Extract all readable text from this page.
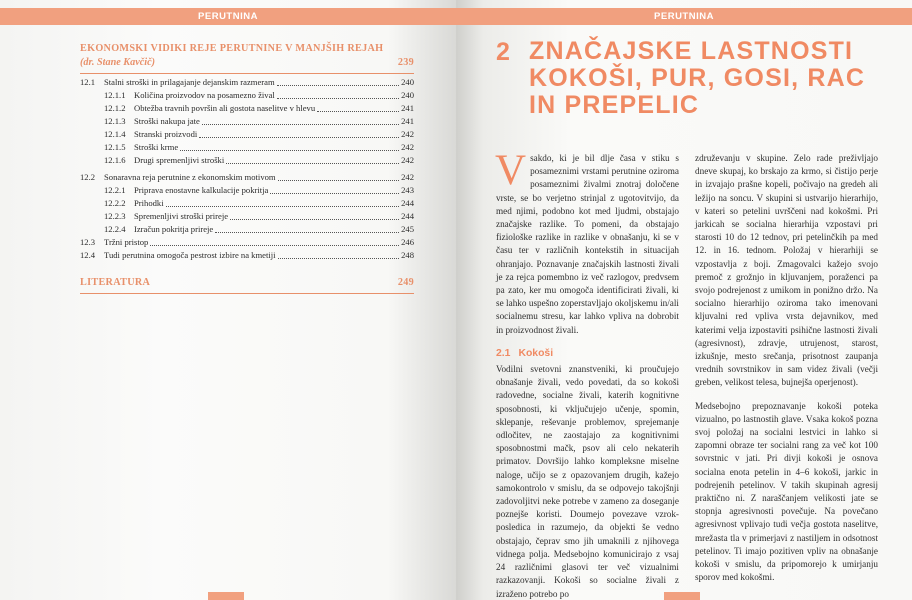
PERUTNINA
EKONOMSKI VIDIKI REJE PERUTNINE V MANJŠIH REJAH (dr. Stane Kavčič)	239
12.1	Stalni stroški in prilagajanje dejanskim razmeram	240
12.1.1 Količina proizvodov na posamezno žival	240
12.1.2 Obtežba travnih površin ali gostota naselitve v hlevu	241
12.1.3 Stroški nakupa jate	241
12.1.4 Stranski proizvodi	242
12.1.5 Stroški krme	242
12.1.6 Drugi spremenljivi stroški	242
12.2	Sonaravna reja perutnine z ekonomskim motivom	242
12.2.1 Priprava enostavne kalkulacije pokritja	243
12.2.2 Prihodki	244
12.2.3 Spremenljivi stroški prireje	244
12.2.4 Izračun pokritja prireje	245
12.3	Tržni pristop	246
12.4	Tudi perutnina omogoča pestrost izbire na kmetiji	248
LITERATURA	249
PERUTNINA
2 ZNAČAJSKE LASTNOSTI KOKOŠI, PUR, GOSI, RAC IN PREPELIC

Vsakdo, ki je bil dlje časa v stiku s posameznimi vrstami perutnine oziroma posameznimi živalmi znotraj določene vrste, se bo verjetno strinjal z ugotovitvijo, da med njimi, podobno kot med ljudmi, obstajajo značajske razlike. To pomeni, da obstajajo fiziološke razlike in razlike v obnašanju, ki se v času ter v različnih kontekstih in situacijah ohranjajo. Poznavanje značajskih lastnosti živali je za rejca pomembno iz več razlogov, predvsem pa zato, ker mu omogoča identificirati živali, ki se lahko uspešno zoperstavljajo okoljskemu in/ali socialnemu stresu, kar lahko vpliva na dobrobit in proizvodnost živali.

2.1 Kokoši

Vodilni svetovni znanstveniki, ki proučujejo obnašanje živali, vedo povedati, da so kokoši radovedne, socialne živali, katerih kognitivne sposobnosti, ki vključujejo učenje, spomin, sklepanje, reševanje problemov, sprejemanje odločitev, ne zaostajajo za kognitivnimi sposobnostmi mačk, psov ali celo nekaterih primatov. Dovršijo lahko kompleksne miselne naloge, učijo se z opazovanjem drugih, kažejo samokontrolo v smislu, da se odpovejo takojšnji zadovoljitvi neke potrebe v zameno za doseganje poznejše koristi. Doumejo povezave vzrok-posledica in razumejo, da objekti še vedno obstajajo, čeprav smo jih umaknili z njihovega vidnega polja. Medsebojno komunicirajo z vsaj 24 različnimi glasovi ter več vizualnimi razkazovanji. Kokoši so socialne živali z izraženo potrebo po

združevanju v skupine. Zelo rade preživljajo dneve skupaj, ko brskajo za krmo, si čistijo perje in izvajajo prašne kopeli, počivajo na gredeh ali ležijo na soncu. V skupini si ustvarijo hierarhijo, v kateri so petelini uvrščeni nad kokošmi. Pri jarkicah se socialna hierarhija vzpostavi pri starosti 10 do 12 tednov, pri petelinčkih pa med 12. in 16. tednom. Položaj v hierarhiji se vzpostavlja z boji. Zmagovalci kažejo svojo premoč z grožnjo in kljuvanjem, poraženci pa svojo podrejenost z umikom in ponižno držo. Na socialno hierarhijo oziroma tako imenovani kljuvalni red vpliva vrsta dejavnikov, med katerimi velja izpostaviti psihične lastnosti živali (agresivnost), zdravje, utrujenost, starost, izkušnje, mesto srečanja, prisotnost zaupanja vrednih sovrstnikov in sam videz živali (večji greben, velikost telesa, bujnejša operjenost).

Medsebojno prepoznavanje kokoši poteka vizualno, po lastnostih glave. Vsaka kokoš pozna svoj položaj na socialni lestvici in lahko si zapomni obraze ter socialni rang za več kot 100 sovrstnic v jati. Pri divji kokoši je osnova socialna enota petelin in 4–6 kokoši, jarkic in podrejenih petelinov. V takih skupinah agresij praktično ni. Z naraščanjem velikosti jate se stopnja agresivnosti povečuje. Na povečano agresivnost vplivajo tudi večja gostota naselitve, mrežasta tla v primerjavi z nastiljem in odsotnost petelinov. Ti imajo pozitiven vpliv na obnašanje kokoši v smislu, da pripomorejo k umirjanju sporov med kokošmi.
